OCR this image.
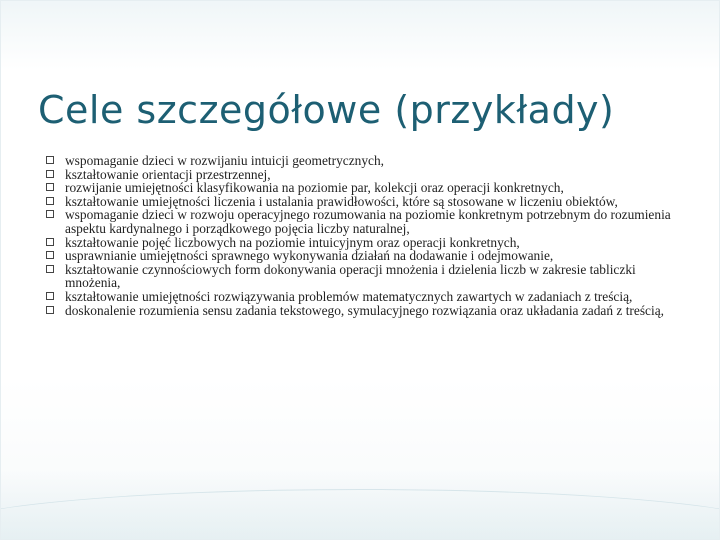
Cele szczegółowe (przykłady)
wspomaganie dzieci w rozwijaniu intuicji geometrycznych,
kształtowanie orientacji przestrzennej,
rozwijanie umiejętności klasyfikowania na poziomie par, kolekcji oraz operacji konkretnych,
kształtowanie umiejętności liczenia i ustalania prawidłowości, które są stosowane w liczeniu obiektów,
wspomaganie dzieci w rozwoju operacyjnego rozumowania na poziomie konkretnym potrzebnym do rozumienia aspektu kardynalnego i porządkowego pojęcia liczby naturalnej,
kształtowanie pojęć liczbowych na poziomie intuicyjnym oraz operacji konkretnych,
usprawnianie umiejętności sprawnego wykonywania działań na dodawanie i odejmowanie,
kształtowanie czynnościowych form dokonywania operacji mnożenia i dzielenia liczb w zakresie tabliczki mnożenia,
kształtowanie umiejętności rozwiązywania problemów matematycznych zawartych w zadaniach z treścią,
doskonalenie rozumienia sensu zadania tekstowego, symulacyjnego rozwiązania oraz układania zadań z treścią,
